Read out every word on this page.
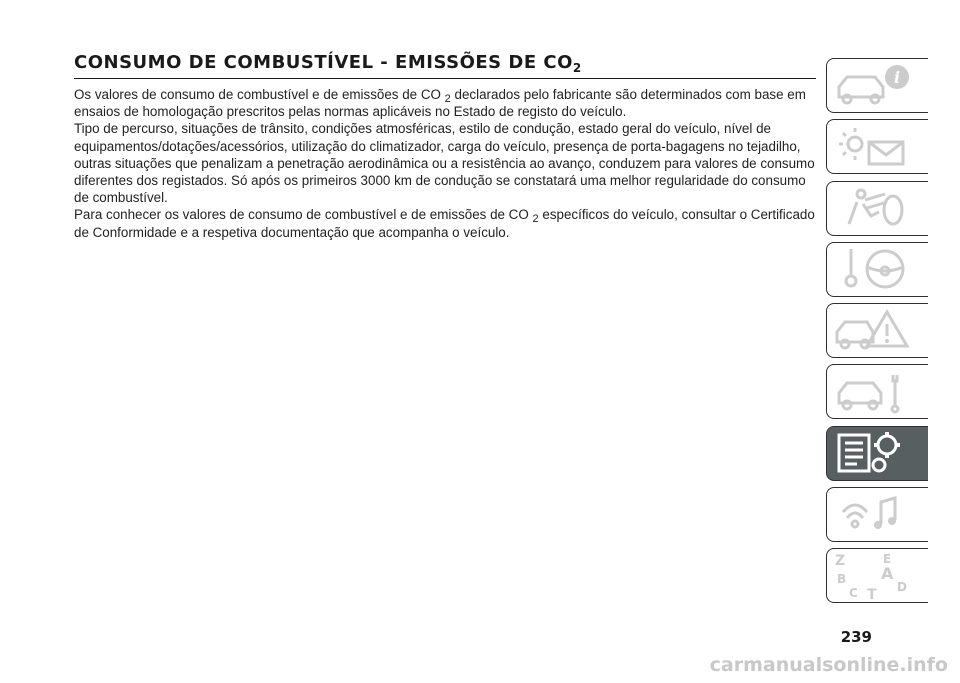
CONSUMO DE COMBUSTÍVEL - EMISSÕES DE $CO_2$

Os valores de consumo de combustível e de emissões de CO $_2$ declarados pelo fabricante são determinados com base em ensaios de homologação prescritos pelas normas aplicáveis no Estado de registo do veículo.

Tipo de percurso, situações de trânsito, condições atmosféricas, estilo de condução, estado geral do veículo, nível de equipamentos/dotações/acessórios, utilização do climatizador, carga do veículo, presença de porta-bagagens no tejadilho, outras situações que penalizam a penetração aerodinâmica ou a resistência ao avanço, conduzem para valores de consumo diferentes dos registados. Só após os primeiros 3000 km de condução se constatará uma melhor regularidade do consumo de combustível.

Para conhecer os valores de consumo de combustível e de emissões de CO $_2$ específicos do veículo, consultar o Certificado de Conformidade e a respetiva documentação que acompanha o veículo.

i
Z	E
B A
C T D
239
carmanualsonline.info
